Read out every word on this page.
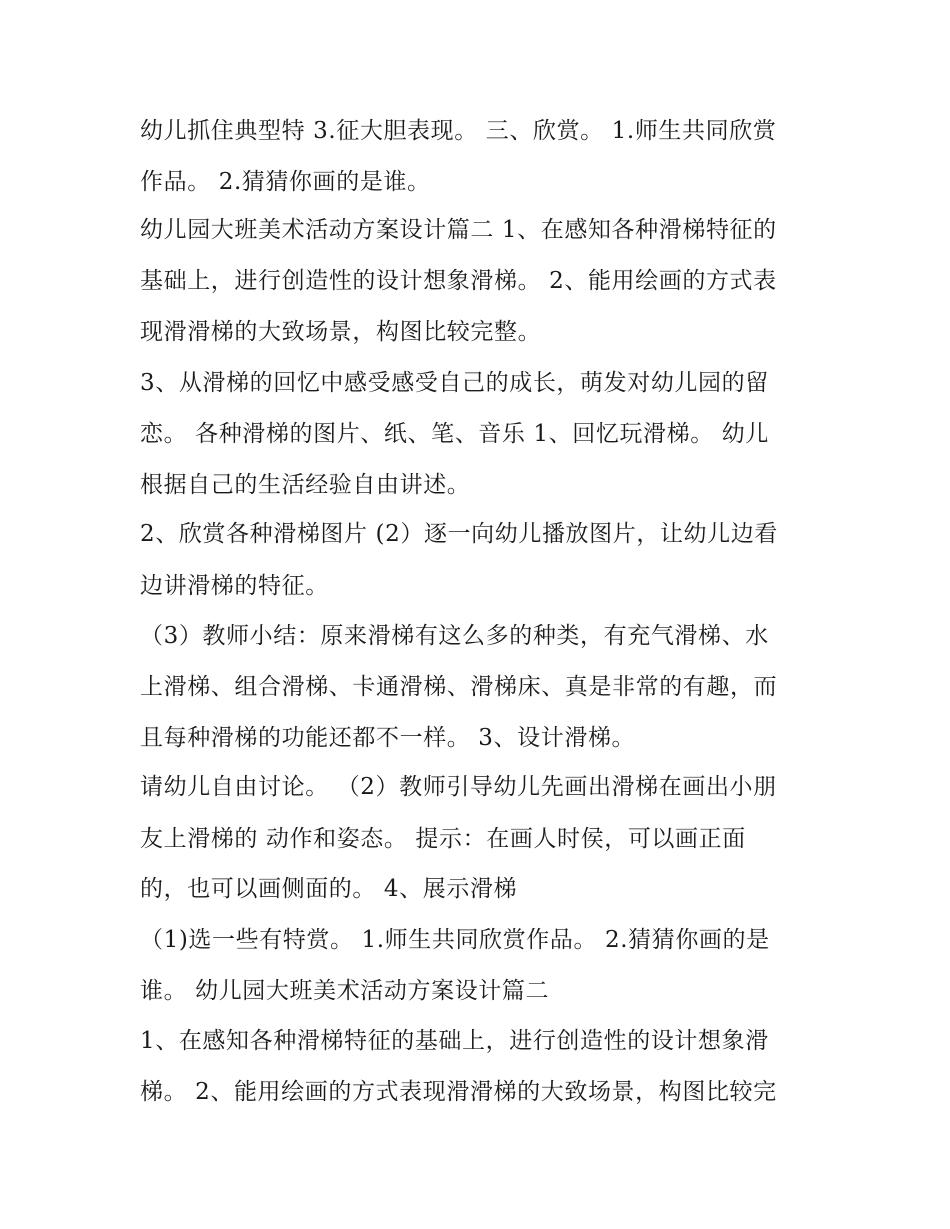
幼儿抓住典型特 3.征大胆表现。 三、欣赏。 1.师生共同欣赏
作品。 2.猜猜你画的是谁。
幼儿园大班美术活动方案设计篇二 1、在感知各种滑梯特征的
基础上，进行创造性的设计想象滑梯。 2、能用绘画的方式表
现滑滑梯的大致场景，构图比较完整。
3、从滑梯的回忆中感受感受自己的成长，萌发对幼儿园的留
恋。 各种滑梯的图片、纸、笔、音乐 1、回忆玩滑梯。 幼儿
根据自己的生活经验自由讲述。
2、欣赏各种滑梯图片 (2）逐一向幼儿播放图片，让幼儿边看
边讲滑梯的特征。
（3）教师小结：原来滑梯有这么多的种类，有充气滑梯、水
上滑梯、组合滑梯、卡通滑梯、滑梯床、真是非常的有趣，而
且每种滑梯的功能还都不一样。 3、设计滑梯。
请幼儿自由讨论。 （2）教师引导幼儿先画出滑梯在画出小朋
友上滑梯的 动作和姿态。 提示：在画人时侯，可以画正面
的，也可以画侧面的。 4、展示滑梯
（1)选一些有特赏。 1.师生共同欣赏作品。 2.猜猜你画的是
谁。 幼儿园大班美术活动方案设计篇二
1、在感知各种滑梯特征的基础上，进行创造性的设计想象滑
梯。 2、能用绘画的方式表现滑滑梯的大致场景，构图比较完
